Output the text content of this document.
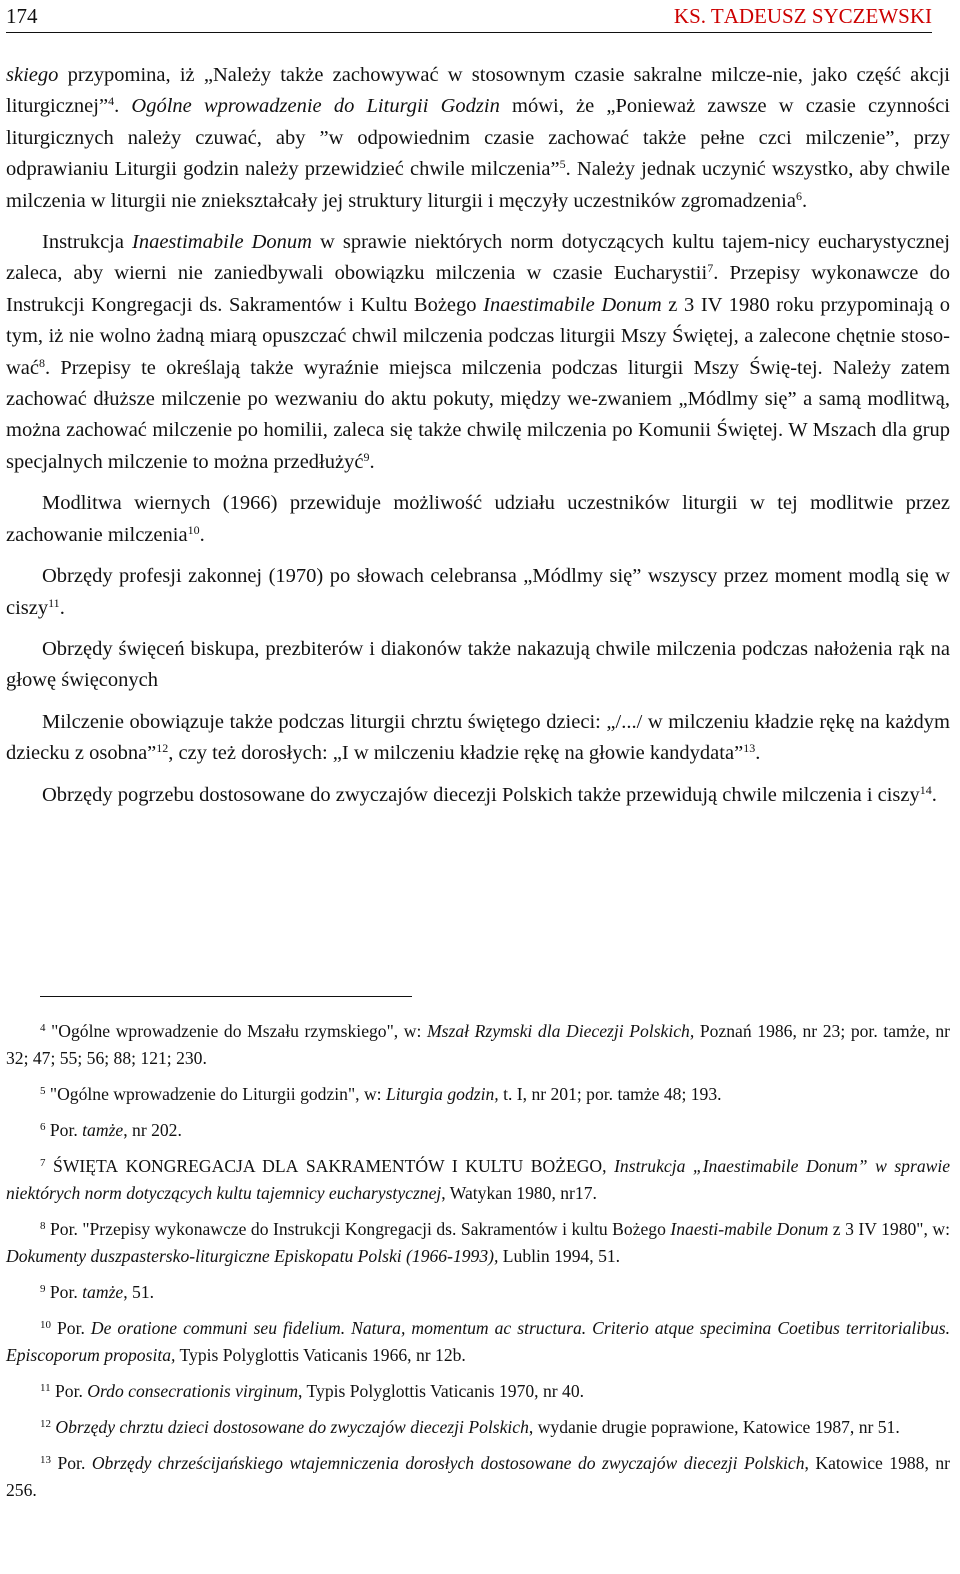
174	KS. TADEUSZ SYCZEWSKI

skiego przypomina, iż „Należy także zachowywać w stosownym czasie sakralne milcze-nie, jako część akcji liturgicznej”$^4$. Ogólne wprowadzenie do Liturgii Godzin mówi, że „Ponieważ zawsze w czasie czynności liturgicznych należy czuwać, aby ”w odpowiednim czasie zachować także pełne czci milczenie”, przy odprawianiu Liturgii godzin należy przewidzieć chwile milczenia”$^5$. Należy jednak uczynić wszystko, aby chwile milczenia w liturgii nie zniekształcały jej struktury liturgii i męczyły uczestników zgromadzenia$^6$.

Instrukcja Inaestimabile Donum w sprawie niektórych norm dotyczących kultu tajem-nicy eucharystycznej zaleca, aby wierni nie zaniedbywali obowiązku milczenia w czasie Eucharystii$^7$. Przepisy wykonawcze do Instrukcji Kongregacji ds. Sakramentów i Kultu Bożego Inaestimabile Donum z 3 IV 1980 roku przypominają o tym, iż nie wolno żadną miarą opuszczać chwil milczenia podczas liturgii Mszy Świętej, a zalecone chętnie stoso-wać$^8$. Przepisy te określają także wyraźnie miejsca milczenia podczas liturgii Mszy Świę-tej. Należy zatem zachować dłuższe milczenie po wezwaniu do aktu pokuty, między we-zwaniem „Módlmy się” a samą modlitwą, można zachować milczenie po homilii, zaleca się także chwilę milczenia po Komunii Świętej. W Mszach dla grup specjalnych milczenie to można przedłużyć$^9$.

Modlitwa wiernych (1966) przewiduje możliwość udziału uczestników liturgii w tej modlitwie przez zachowanie milczenia$^{10}$.

Obrzędy profesji zakonnej (1970) po słowach celebransa „Módlmy się” wszyscy przez moment modlą się w ciszy$^{11}$.

Obrzędy święceń biskupa, prezbiterów i diakonów także nakazują chwile milczenia podczas nałożenia rąk na głowę święconych

Milczenie obowiązuje także podczas liturgii chrztu świętego dzieci: „/.../ w milczeniu kładzie rękę na każdym dziecku z osobna”$^{12}$, czy też dorosłych: „I w milczeniu kładzie rękę na głowie kandydata”$^{13}$.

Obrzędy pogrzebu dostosowane do zwyczajów diecezji Polskich także przewidują chwile milczenia i ciszy$^{14}$.

$^4$ "Ogólne wprowadzenie do Mszału rzymskiego", w: Mszał Rzymski dla Diecezji Polskich, Poznań 1986, nr 23; por. tamże, nr 32; 47; 55; 56; 88; 121; 230.

$^5$ "Ogólne wprowadzenie do Liturgii godzin", w: Liturgia godzin, t. I, nr 201; por. tamże 48; 193.

$^6$ Por. tamże, nr 202.

$^7$ ŚWIĘTA KONGREGACJA DLA SAKRAMENTÓW I KULTU BOŻEGO, Instrukcja „Inaestimabile Donum” w sprawie niektórych norm dotyczących kultu tajemnicy eucharystycznej, Watykan 1980, nr17.

$^8$ Por. "Przepisy wykonawcze do Instrukcji Kongregacji ds. Sakramentów i kultu Bożego Inaesti-mabile Donum z 3 IV 1980", w: Dokumenty duszpastersko-liturgiczne Episkopatu Polski (1966-1993), Lublin 1994, 51.

$^9$ Por. tamże, 51.

$^{10}$ Por. De oratione communi seu fidelium. Natura, momentum ac structura. Criterio atque specimina Coetibus territorialibus. Episcoporum proposita, Typis Polyglottis Vaticanis 1966, nr 12b.

$^{11}$ Por. Ordo consecrationis virginum, Typis Polyglottis Vaticanis 1970, nr 40.

$^{12}$ Obrzędy chrztu dzieci dostosowane do zwyczajów diecezji Polskich, wydanie drugie poprawione, Katowice 1987, nr 51.

$^{13}$ Por. Obrzędy chrześcijańskiego wtajemniczenia dorosłych dostosowane do zwyczajów diecezji Polskich, Katowice 1988, nr 256.
